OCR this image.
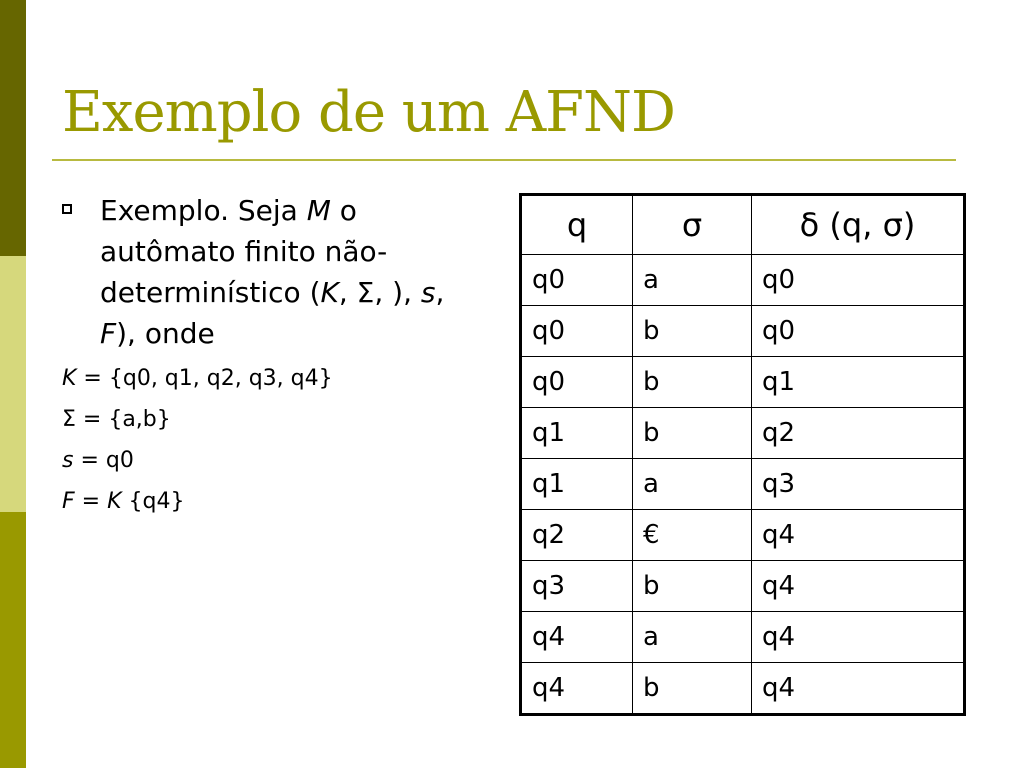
Exemplo de um AFND

Exemplo. Seja M o autômato finito não-determinístico (K, Σ, ), s, F), onde

K = {q0, q1, q2, q3, q4}

Σ = {a,b}

s = q0

F = K {q4}

q	σ	δ (q, σ)
q0	a	q0
q0	b	q0
q0	b	q1
q1	b	q2
q1	a	q3
q2	€	q4
q3	b	q4
q4	a	q4
q4	b	q4
